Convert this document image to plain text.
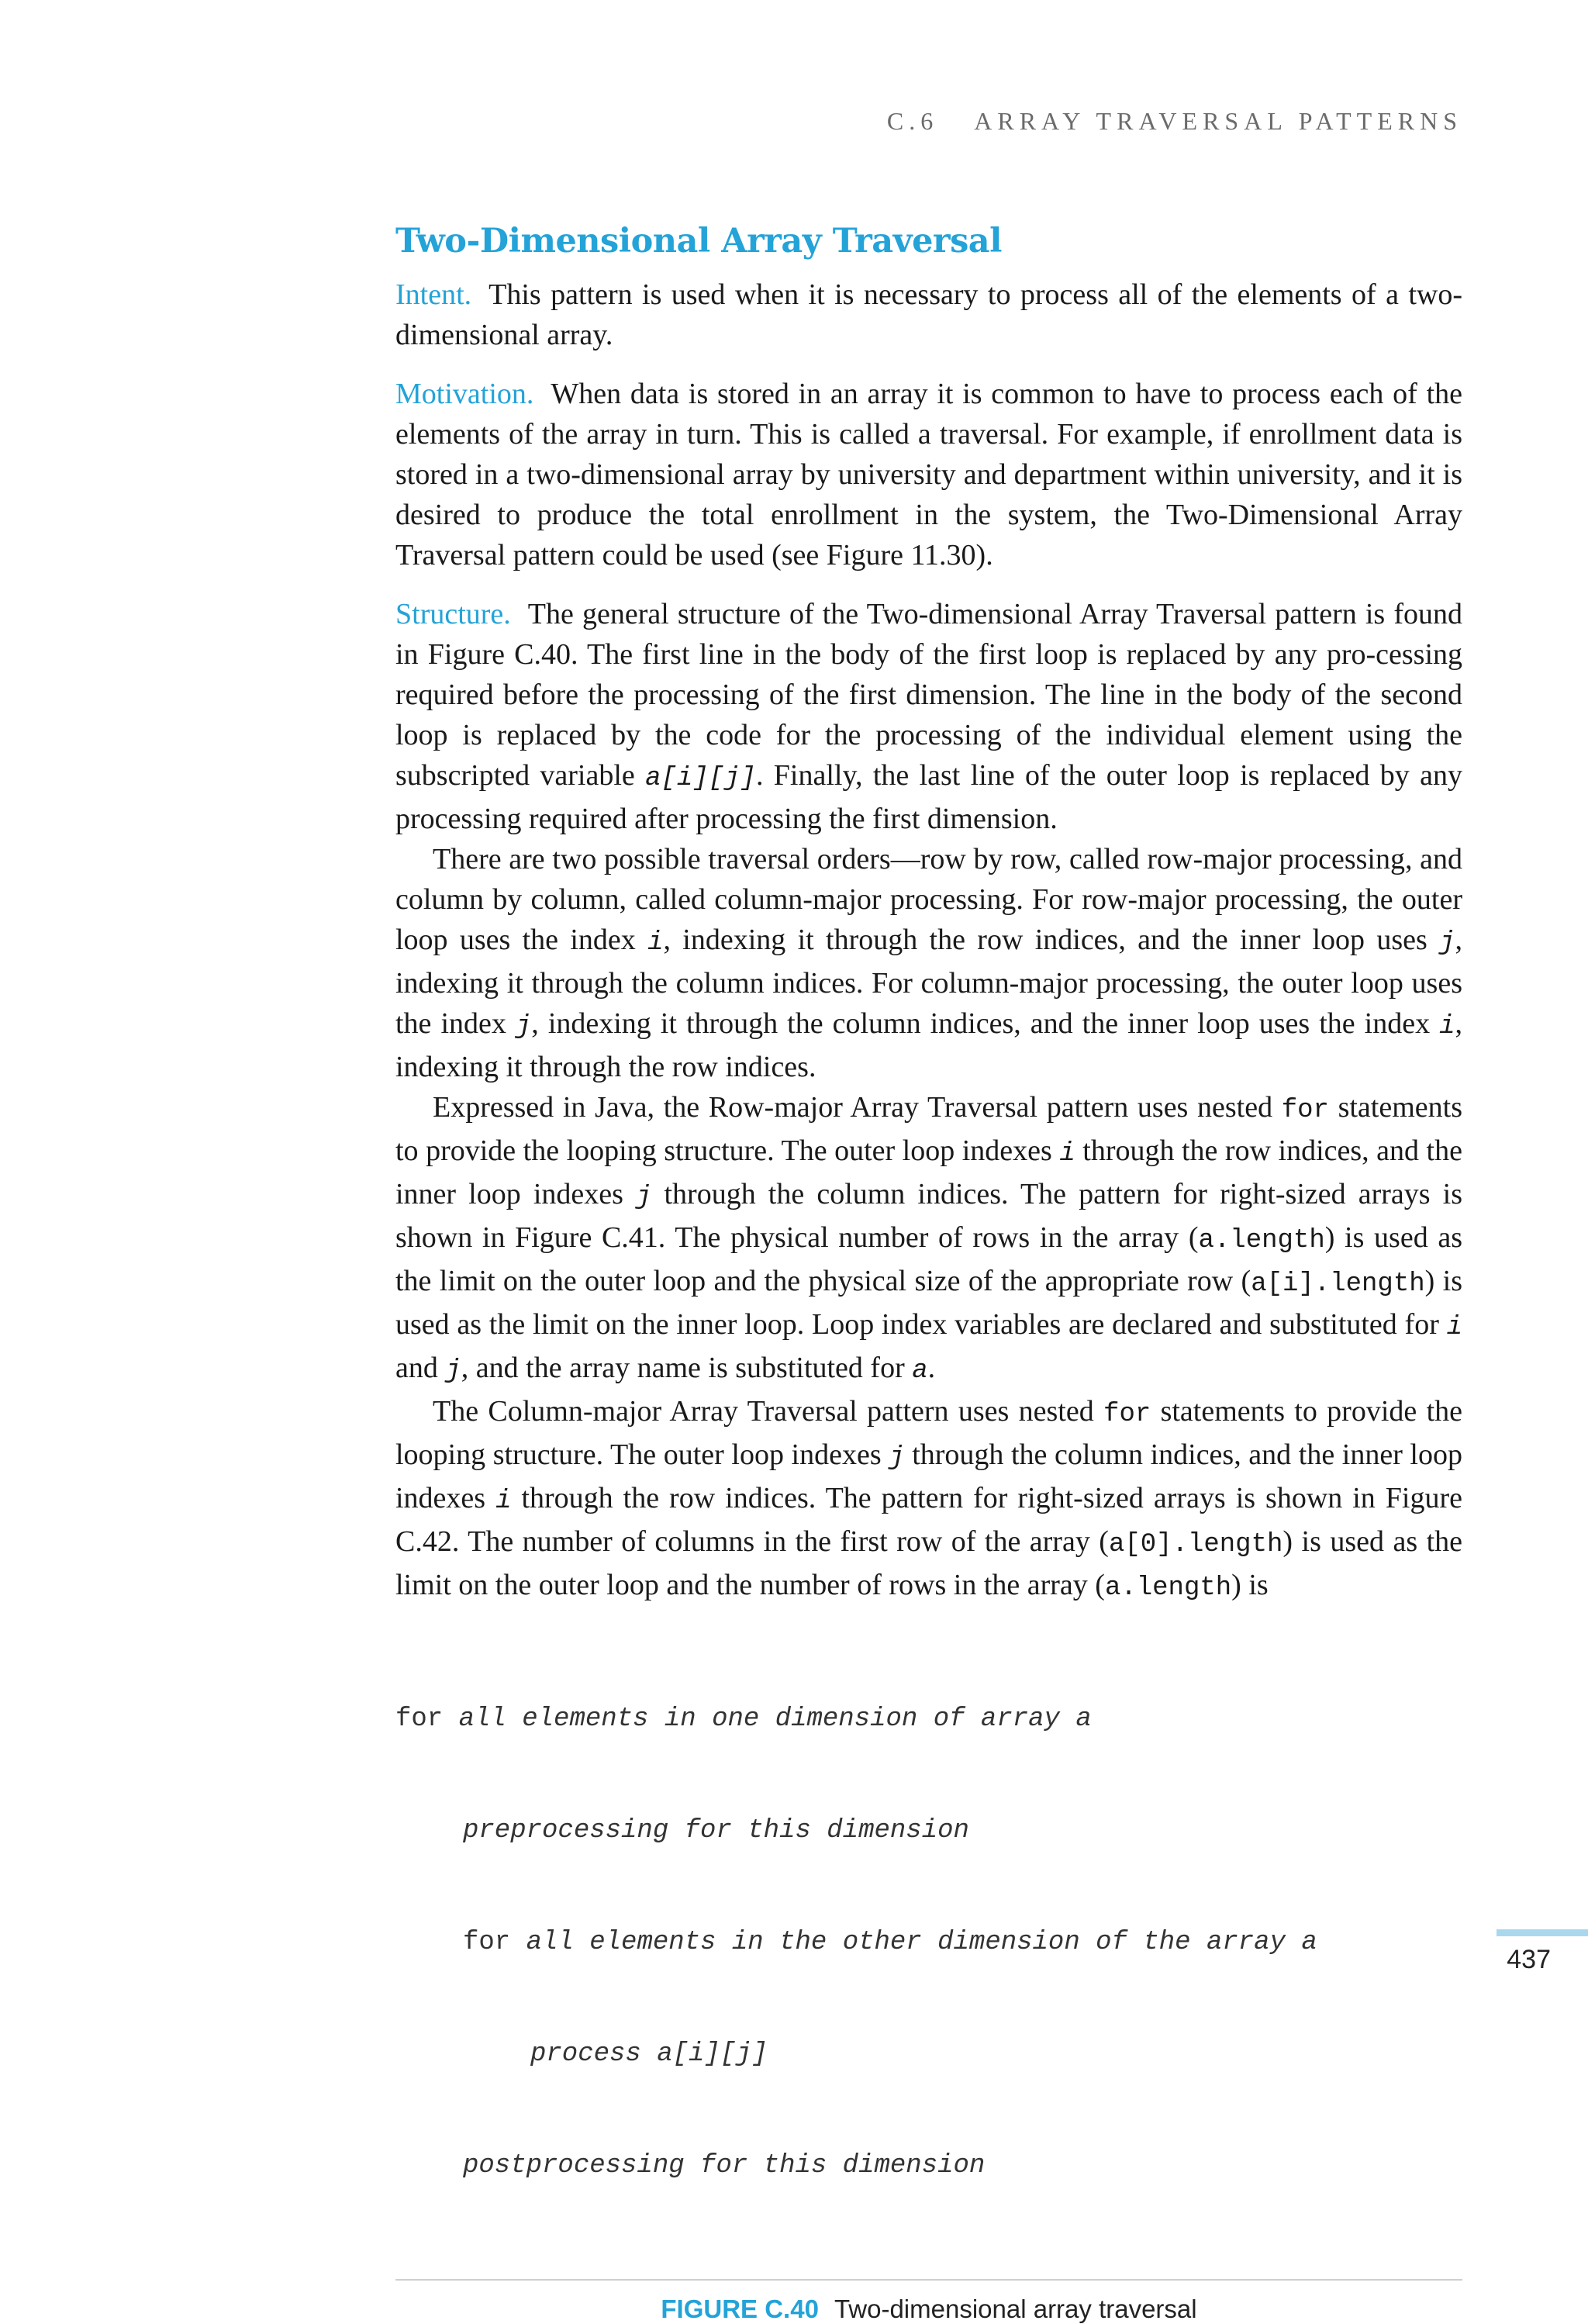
C.6 ARRAY TRAVERSAL PATTERNS
Two-Dimensional Array Traversal

Intent. This pattern is used when it is necessary to process all of the elements of a two-dimensional array.

Motivation. When data is stored in an array it is common to have to process each of the elements of the array in turn. This is called a traversal. For example, if enrollment data is stored in a two-dimensional array by university and department within university, and it is desired to produce the total enrollment in the system, the Two-Dimensional Array Traversal pattern could be used (see Figure 11.30).

Structure. The general structure of the Two-dimensional Array Traversal pattern is found in Figure C.40. The first line in the body of the first loop is replaced by any pro-cessing required before the processing of the first dimension. The line in the body of the second loop is replaced by the code for the processing of the individual element using the subscripted variable a[i][j]. Finally, the last line of the outer loop is replaced by any processing required after processing the first dimension.

There are two possible traversal orders—row by row, called row-major processing, and column by column, called column-major processing. For row-major processing, the outer loop uses the index i, indexing it through the row indices, and the inner loop uses j, indexing it through the column indices. For column-major processing, the outer loop uses the index j, indexing it through the column indices, and the inner loop uses the index i, indexing it through the row indices.

Expressed in Java, the Row-major Array Traversal pattern uses nested for statements to provide the looping structure. The outer loop indexes i through the row indices, and the inner loop indexes j through the column indices. The pattern for right-sized arrays is shown in Figure C.41. The physical number of rows in the array (a.length) is used as the limit on the outer loop and the physical size of the appropriate row (a[i].length) is used as the limit on the inner loop. Loop index variables are declared and substituted for i and j, and the array name is substituted for a.

The Column-major Array Traversal pattern uses nested for statements to provide the looping structure. The outer loop indexes j through the column indices, and the inner loop indexes i through the row indices. The pattern for right-sized arrays is shown in Figure C.42. The number of columns in the first row of the array (a[0].length) is used as the limit on the outer loop and the number of rows in the array (a.length) is

for all elements in one dimension of array a

preprocessing for this dimension

for all elements in the other dimension of the array a

process a[i][j]

postprocessing for this dimension

FIGURE C.40 Two-dimensional array traversal
437
